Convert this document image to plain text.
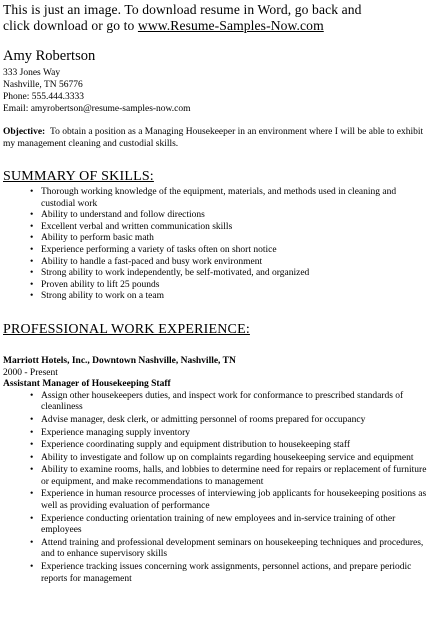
This is just an image. To download resume in Word, go back and
click download or go to www.Resume-Samples-Now.com
Amy Robertson
333 Jones Way
Nashville, TN 56776
Phone: 555.444.3333
Email: amyrobertson@resume-samples-now.com
Objective: To obtain a position as a Managing Housekeeper in an environment where I will be able to exhibit my management cleaning and custodial skills.
SUMMARY OF SKILLS:
• Thorough working knowledge of the equipment, materials, and methods used in cleaning and custodial work
• Ability to understand and follow directions
• Excellent verbal and written communication skills
• Ability to perform basic math
• Experience performing a variety of tasks often on short notice
• Ability to handle a fast-paced and busy work environment
• Strong ability to work independently, be self-motivated, and organized
• Proven ability to lift 25 pounds
• Strong ability to work on a team
PROFESSIONAL WORK EXPERIENCE:
Marriott Hotels, Inc., Downtown Nashville, Nashville, TN
2000 - Present
Assistant Manager of Housekeeping Staff
• Assign other housekeepers duties, and inspect work for conformance to prescribed standards of cleanliness
• Advise manager, desk clerk, or admitting personnel of rooms prepared for occupancy
• Experience managing supply inventory
• Experience coordinating supply and equipment distribution to housekeeping staff
• Ability to investigate and follow up on complaints regarding housekeeping service and equipment
• Ability to examine rooms, halls, and lobbies to determine need for repairs or replacement of furniture or equipment, and make recommendations to management
• Experience in human resource processes of interviewing job applicants for housekeeping positions as well as providing evaluation of performance
• Experience conducting orientation training of new employees and in-service training of other employees
• Attend training and professional development seminars on housekeeping techniques and procedures, and to enhance supervisory skills
• Experience tracking issues concerning work assignments, personnel actions, and prepare periodic reports for management
